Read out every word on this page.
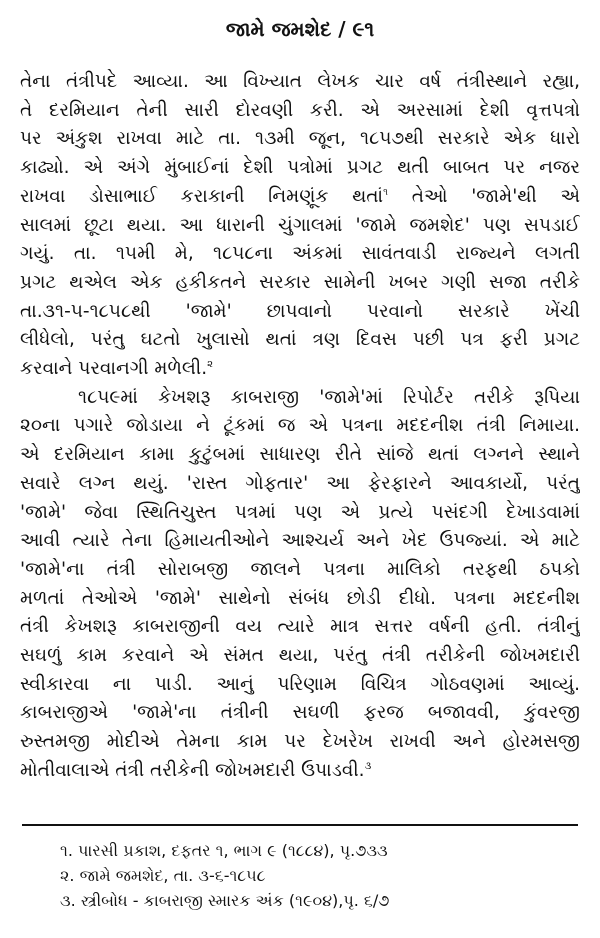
જામે જમશેદ / ૯૧
તેના તંત્રીપદે આવ્યા. આ વિખ્યાત લેખક ચાર વર્ષ તંત્રીસ્થાને રહ્યા,
તે દરમિયાન તેની સારી દોરવણી કરી. એ અરસામાં દેશી વૃત્તપત્રો
પર અંકુશ રાખવા માટે તા. ૧૩મી જૂન, ૧૮૫૭થી સરકારે એક ધારો
કાઢ્યો. એ અંગે મુંબાઈનાં દેશી પત્રોમાં પ્રગટ થતી બાબત પર નજર
રાખવા ડોસાભાઈ કરાકાની નિમણૂંક થતાં$^૧$ તેઓ 'જામે'થી એ
સાલમાં છૂટા થયા. આ ધારાની ચુંગાલમાં 'જામે જમશેદ' પણ સપડાઈ
ગયું. તા. ૧૫મી મે, ૧૮૫૮ના અંકમાં સાવંતવાડી રાજ્યને લગતી
પ્રગટ થએલ એક હકીકતને સરકાર સામેની ખબર ગણી સજા તરીકે
તા.૩૧-૫-૧૮૫૮થી 'જામે' છાપવાનો પરવાનો સરકારે ખેંચી
લીધેલો, પરંતુ ઘટતો ખુલાસો થતાં ત્રણ દિવસ પછી પત્ર ફરી પ્રગટ
કરવાને પરવાનગી મળેલી.$^૨$
૧૮૫૯માં કેખશરૂ કાબરાજી 'જામે'માં રિપોર્ટર તરીકે રૂપિયા
૨૦ના પગારે જોડાયા ને ટૂંકમાં જ એ પત્રના મદદનીશ તંત્રી નિમાયા.
એ દરમિયાન કામા કુટુંબમાં સાધારણ રીતે સાંજે થતાં લગ્નને સ્થાને
સવારે લગ્ન થયું. 'રાસ્ત ગોફતાર' આ ફેરફારને આવકાર્યો, પરંતુ
'જામે' જેવા સ્થિતિચુસ્ત પત્રમાં પણ એ પ્રત્યે પસંદગી દેખાડવામાં
આવી ત્યારે તેના હિમાયતીઓને આશ્ચર્ય અને ખેદ ઉપજ્યાં. એ માટે
'જામે'ના તંત્રી સોરાબજી જાલને પત્રના માલિકો તરફથી ઠપકો
મળતાં તેઓએ 'જામે' સાથેનો સંબંધ છોડી દીધો. પત્રના મદદનીશ
તંત્રી કેખશરૂ કાબરાજીની વય ત્યારે માત્ર સત્તર વર્ષની હતી. તંત્રીનું
સઘળું કામ કરવાને એ સંમત થયા, પરંતુ તંત્રી તરીકેની જોખમદારી
સ્વીકારવા ના પાડી. આનું પરિણામ વિચિત્ર ગોઠવણમાં આવ્યું.
કાબરાજીએ 'જામે'ના તંત્રીની સઘળી ફરજ બજાવવી, કુંવરજી
રુસ્તમજી મોદીએ તેમના કામ પર દેખરેખ રાખવી અને હોરમસજી
મોતીવાલાએ તંત્રી તરીકેની જોખમદારી ઉપાડવી.$^૩$
૧. પારસી પ્રકાશ, દફતર ૧, ભાગ ૯ (૧૮૮૪), પૃ.૭૩૩
૨. જામે જમશેદ, તા. ૩-૬-૧૮૫૮
૩. સ્ત્રીબોધ - કાબરાજી સ્મારક અંક (૧૯૦૪),પૃ. ૬/૭
